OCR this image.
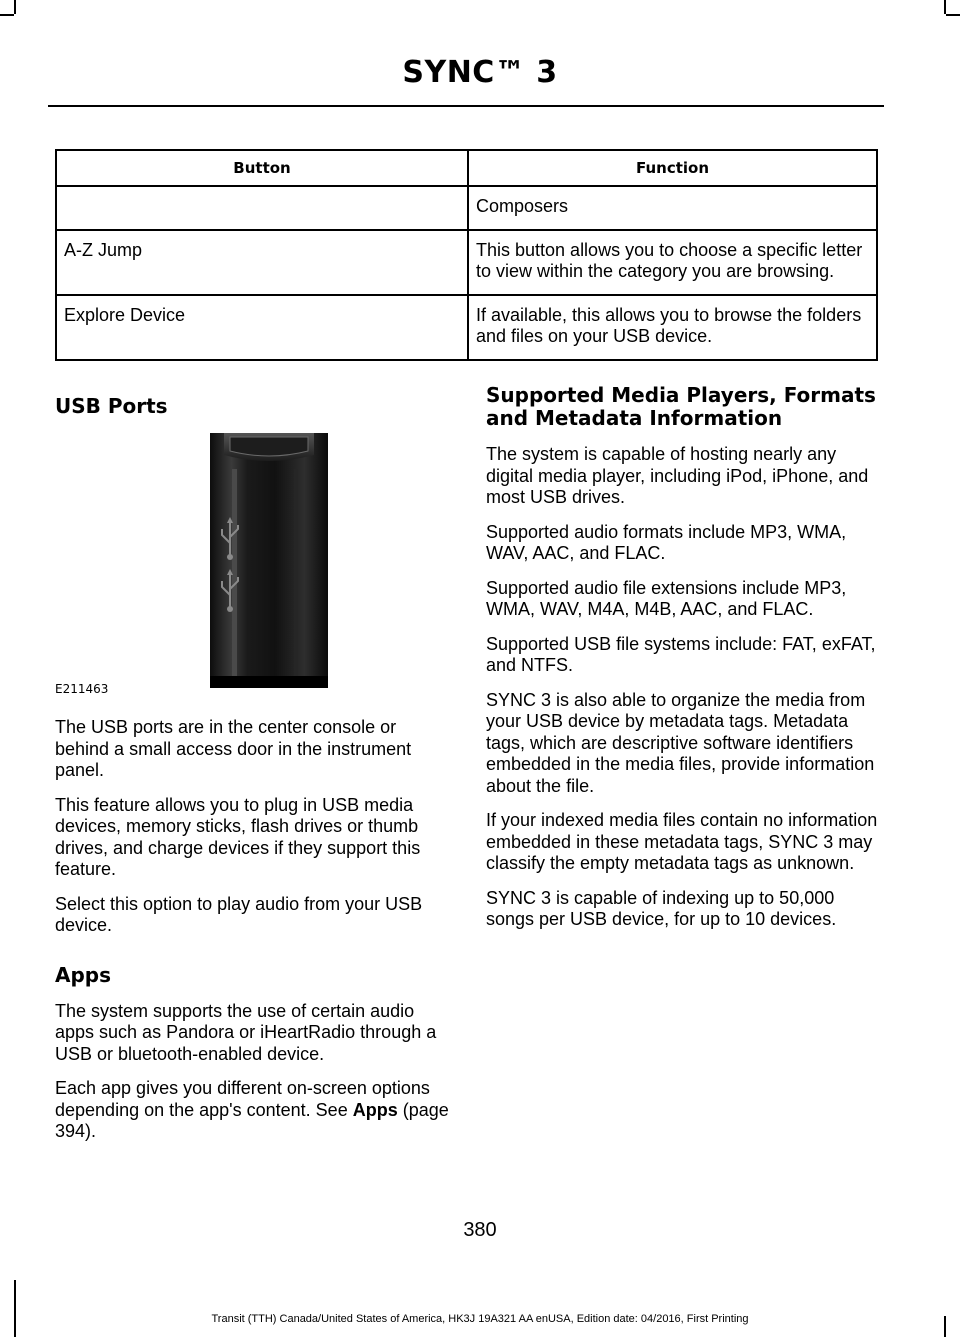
SYNC™ 3
Button	Function
	Composers
A-Z Jump	This button allows you to choose a specific letter to view within the category you are browsing.
Explore Device	If available, this allows you to browse the folders and files on your USB device.
USB Ports
E211463

The USB ports are in the center console or behind a small access door in the instrument panel.

This feature allows you to plug in USB media devices, memory sticks, flash drives or thumb drives, and charge devices if they support this feature.

Select this option to play audio from your USB device.

Apps

The system supports the use of certain audio apps such as Pandora or iHeartRadio through a USB or bluetooth-enabled device.

Each app gives you different on-screen options depending on the app's content. See Apps (page 394).

Supported Media Players, Formats and Metadata Information

The system is capable of hosting nearly any digital media player, including iPod, iPhone, and most USB drives.

Supported audio formats include MP3, WMA, WAV, AAC, and FLAC.

Supported audio file extensions include MP3, WMA, WAV, M4A, M4B, AAC, and FLAC.

Supported USB file systems include: FAT, exFAT, and NTFS.

SYNC 3 is also able to organize the media from your USB device by metadata tags. Metadata tags, which are descriptive software identifiers embedded in the media files, provide information about the file.

If your indexed media files contain no information embedded in these metadata tags, SYNC 3 may classify the empty metadata tags as unknown.

SYNC 3 is capable of indexing up to 50,000 songs per USB device, for up to 10 devices.

380
Transit (TTH) Canada/United States of America, HK3J 19A321 AA enUSA, Edition date: 04/2016, First Printing
